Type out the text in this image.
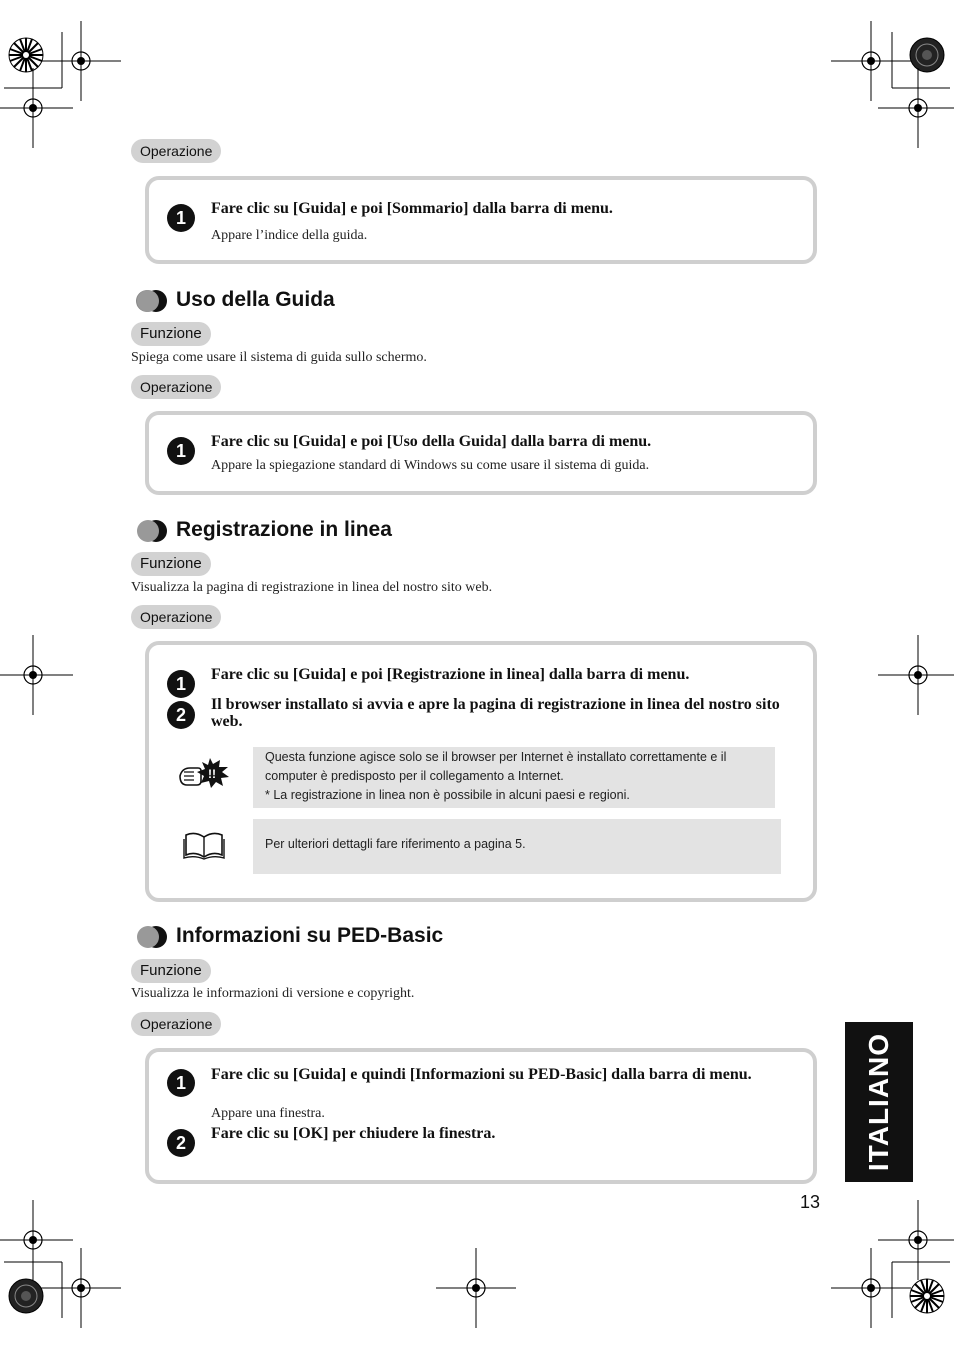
Operazione
1	Fare clic su [Guida] e poi [Sommario] dalla barra di menu.
Appare l’indice della guida.
Uso della Guida
Funzione
Spiega come usare il sistema di guida sullo schermo.
Operazione
1	Fare clic su [Guida] e poi [Uso della Guida] dalla barra di menu.
Appare la spiegazione standard di Windows su come usare il sistema di guida.
Registrazione in linea
Funzione
Visualizza la pagina di registrazione in linea del nostro sito web.
Operazione
1	Fare clic su [Guida] e poi [Registrazione in linea] dalla barra di menu.
2
Il browser installato si avvia e apre la pagina di registrazione in linea del nostro sito web.
!!
Questa funzione agisce solo se il browser per Internet è installato correttamente e il
computer è predisposto per il collegamento a Internet.
* La registrazione in linea non è possibile in alcuni paesi e regioni.
Per ulteriori dettagli fare riferimento a pagina 5.
Informazioni su PED-Basic
Funzione
Visualizza le informazioni di versione e copyright.
Operazione
1	Fare clic su [Guida] e quindi [Informazioni su PED-Basic] dalla barra di menu.
Appare una finestra.
2	Fare clic su [OK] per chiudere la finestra.	ITALIANO
13
